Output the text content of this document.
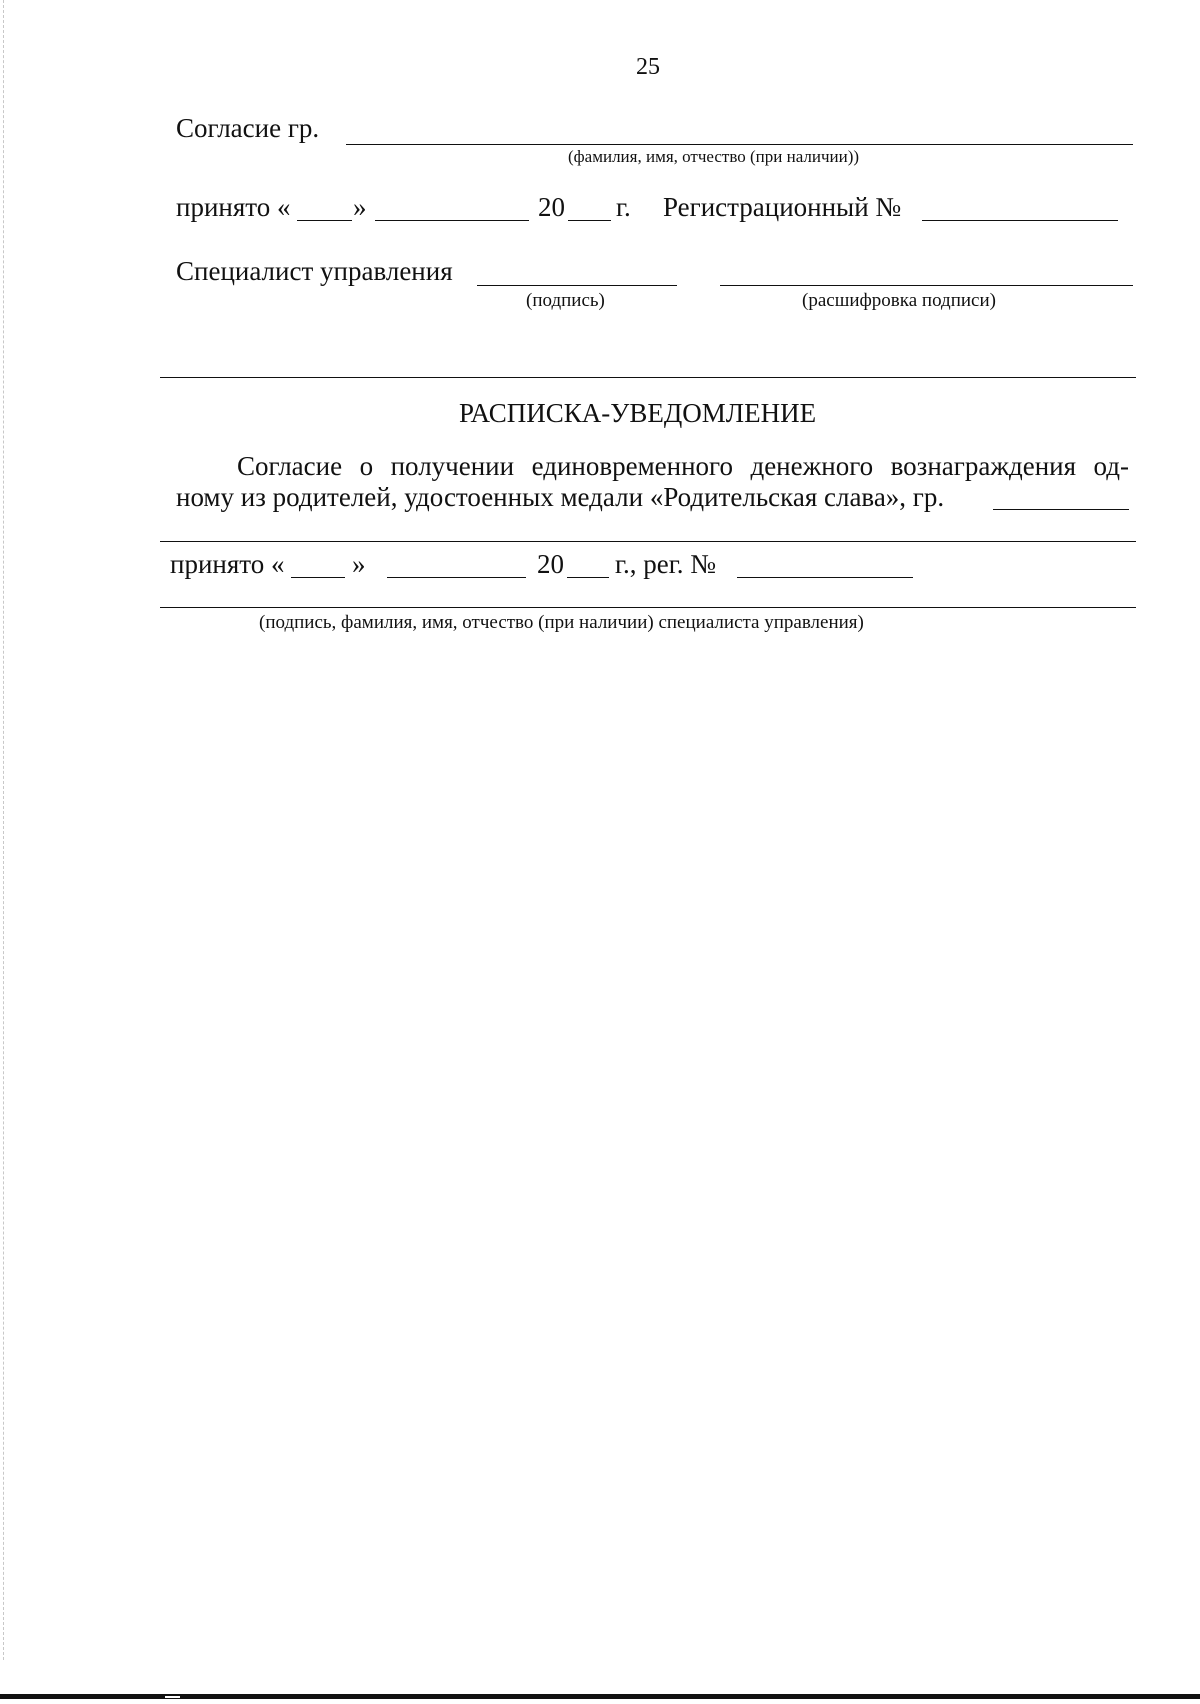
25
Согласие гр.
(фамилия, имя, отчество (при наличии))
принято « »	20 г. Регистрационный №
Специалист управления
(подпись)	(расшифровка подписи)
РАСПИСКА-УВЕДОМЛЕНИЕ
Согласие о получении единовременного денежного вознаграждения од-
ному из родителей, удостоенных медали «Родительская слава», гр.
принято «	»	20 г., рег. №
(подпись, фамилия, имя, отчество (при наличии) специалиста управления)
